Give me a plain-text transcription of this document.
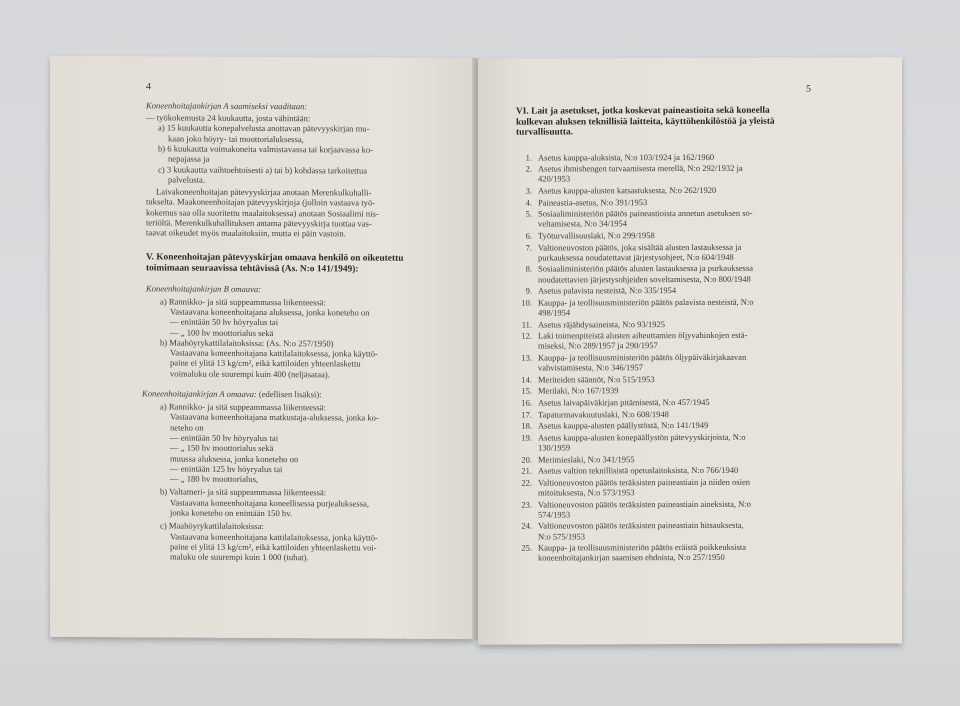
4
Koneenhoitajankirjan A saamiseksi vaaditaan:
— työkokemusta 24 kuukautta, josta vähintään:
a) 15 kuukautta konepalvelusta anottavan pätevyyskirjan mu-
kaan joko höyry- tai moottorialuksessa,
b) 6 kuukautta voimakoneita valmistavassa tai korjaavassa ko-
nepajassa ja
c) 3 kuukautta vaihtoehtoisesti a) tai b) kohdassa tarkoitettua
palvelusta.
Laivakoneenhoitajan pätevyyskirjaa anotaan Merenkulkuhalli-
tukselta. Maakoneenhoitajan pätevyyskirjoja (jolloin vastaava työ-
kokemus saa olla suoritettu maalaitoksessa) anotaan Sosiaalimi nis-
teriöltä. Merenkulkuhallituksen antama pätevyyskirja tuottaa vas-
taavat oikeudet myös maalaitoksiin, mutta ei päin vastoin.
V. Koneenhoitajan pätevyyskirjan omaava henkilö on oikeutettu
toimimaan seuraavissa tehtävissä (As. N:o 141/1949):
Koneenhoitajankirjan B omaava:
a) Rannikko- ja sitä suppeammassa liikenteessä:
Vastaavana koneenhoitajana aluksessa, jonka koneteho on
— enintään 50 hv höyryalus tai
— „ 100 hv moottorialus sekä
b) Maahöyrykattilalaitoksissa: (As. N:o 257/1950)
Vastaavana koneenhoitajana kattilalaitoksessa, jonka käyttö-
paine ei ylitä 13 kg/cm², eikä kattiloiden yhteenlaskettu
voimaluku ole suurempi kuin 400 (neljäsataa).
Koneenhoitajankirjan A omaava: (edellisen lisäksi):
a) Rannikko- ja sitä suppeammassa liikenteessä:
Vastaavana koneenhoitajana matkustaja-aluksessa, jonka ko-
neteho on
— enintään 50 hv höyryalus tai
— „ 150 hv moottorialus sekä
muussa aluksessa, jonka koneteho on
— enintään 125 hv höyryalus tai
— „ 180 hv moottorialus,
b) Valtameri- ja sitä suppeammassa liikenteessä:
Vastaavana koneenhoitajana koneellisessa purjealuksessa,
jonka koneteho on enintään 150 hv.
c) Maahöyrykattilalaitoksissa:
Vastaavana koneenhoitajana kattilalaitoksessa, jonka käyttö-
paine ei ylitä 13 kg/cm², eikä kattiloiden yhteenlaskettu voi-
maluku ole suurempi kuin 1 000 (tuhat).
5
VI. Lait ja asetukset, jotka koskevat paineastioita sekä koneella
kulkevan aluksen teknillisiä laitteita, käyttöhenkilöstöä ja yleistä
turvallisuutta.
1. Asetus kauppa-aluksista, N:o 103/1924 ja 162/1960
2. Asetus ihmishengen turvaamisesta merellä, N:o 292/1932 ja
420/1953
3. Asetus kauppa-alusten katsastuksesta, N:o 262/1920
4. Paineastia-asetus, N:o 391/1953
5. Sosiaaliministeriön päätös paineastioista annetun asetuksen so-
veltamisesta, N:o 34/1954
6. Työturvallisuuslaki, N:o 299/1958
7. Valtioneuvoston päätös, joka sisältää alusten lastauksessa ja
purkauksessa noudatettavat järjestysohjeet, N:o 604/1948
8. Sosiaaliministeriön päätös alusten lastauksessa ja purkauksessa
noudatettavien järjestysohjeiden soveltamisesta, N:o 800/1948
9. Asetus palavista nesteistä, N:o 335/1954
10. Kauppa- ja teollisuusministeriön päätös palavista nesteistä, N:o
498/1954
11. Asetus räjähdysaineista, N:o 93/1925
12. Laki toimenpiteistä alusten aiheuttamien öljyvahinkojen estä-
miseksi, N:o 289/1957 ja 290/1957
13. Kauppa- ja teollisuusministeriön päätös öljypäiväkirjakaavan
vahvistamisesta, N:o 346/1957
14. Meriteiden säännöt, N:o 515/1953
15. Merilaki, N:o 167/1939
16. Asetus laivapäiväkirjan pitämisestä, N:o 457/1945
17. Tapaturmavakuutuslaki, N:o 608/1948
18. Asetus kauppa-alusten päällystöstä, N:o 141/1949
19. Asetus kauppa-alusten konepäällystön pätevyyskirjoista, N:o
130/1959
20. Merimieslaki, N:o 341/1955
21. Asetus valtion teknillisistä opetuslaitoksista, N:o 766/1940
22. Valtioneuvoston päätös teräksisten paineastiain ja niiden osien
mitoituksesta, N:o 573/1953
23. Valtioneuvoston päätös teräksisten paineastiain aineksista, N:o
574/1953
24. Valtioneuvoston päätös teräksisten paineastiain hitsauksesta,
N:o 575/1953
25. Kauppa- ja teollisuusministeriön päätös eräistä poikkeuksista
koneenhoitajankirjan saamisen ehdoista, N:o 257/1950
